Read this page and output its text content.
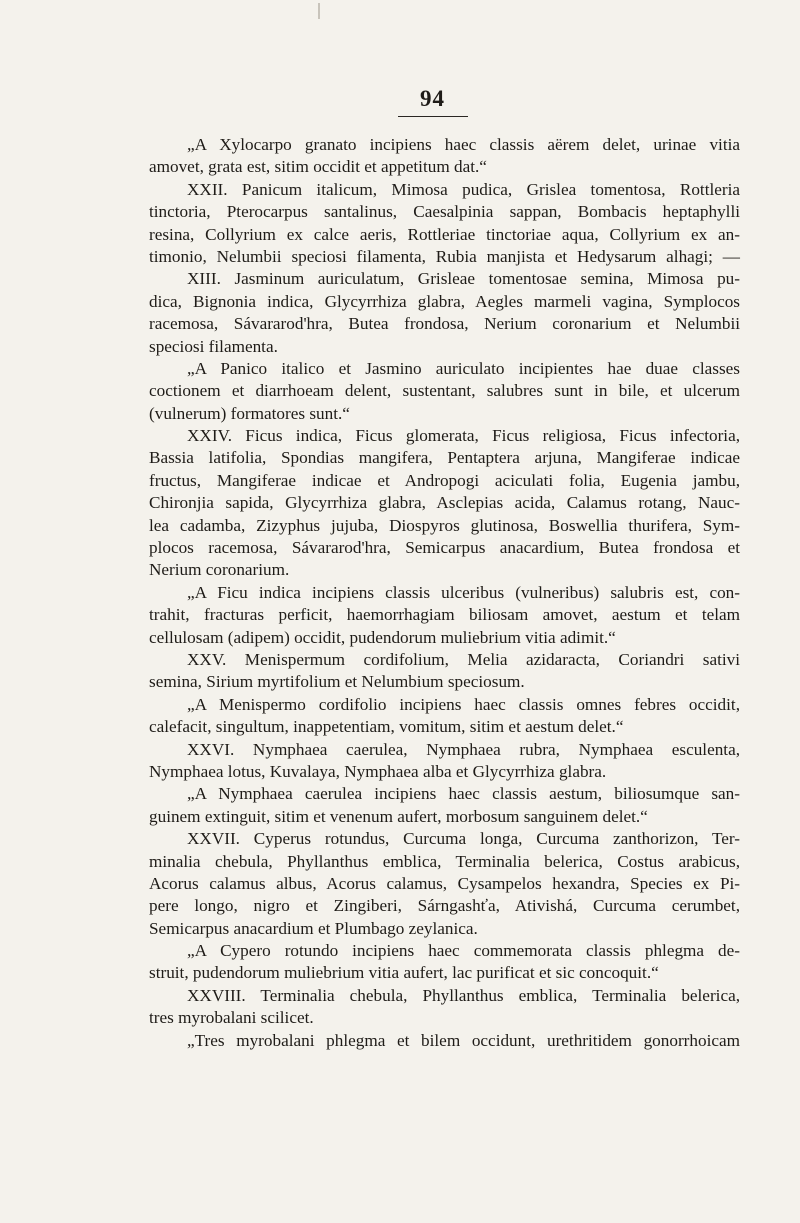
94
„A Xylocarpo granato incipiens haec classis aërem delet, urinae vitia
amovet, grata est, sitim occidit et appetitum dat.“
XXII. Panicum italicum, Mimosa pudica, Grislea tomentosa, Rottleria
tinctoria, Pterocarpus santalinus, Caesalpinia sappan, Bombacis heptaphylli
resina, Collyrium ex calce aeris, Rottleriae tinctoriae aqua, Collyrium ex an-
timonio, Nelumbii speciosi filamenta, Rubia manjista et Hedysarum alhagi; —
XIII. Jasminum auriculatum, Grisleae tomentosae semina, Mimosa pu-
dica, Bignonia indica, Glycyrrhiza glabra, Aegles marmeli vagina, Symplocos
racemosa, Sávararod'hra, Butea frondosa, Nerium coronarium et Nelumbii
speciosi filamenta.
„A Panico italico et Jasmino auriculato incipientes hae duae classes
coctionem et diarrhoeam delent, sustentant, salubres sunt in bile, et ulcerum
(vulnerum) formatores sunt.“
XXIV. Ficus indica, Ficus glomerata, Ficus religiosa, Ficus infectoria,
Bassia latifolia, Spondias mangifera, Pentaptera arjuna, Mangiferae indicae
fructus, Mangiferae indicae et Andropogi aciculati folia, Eugenia jambu,
Chironjia sapida, Glycyrrhiza glabra, Asclepias acida, Calamus rotang, Nauc-
lea cadamba, Zizyphus jujuba, Diospyros glutinosa, Boswellia thurifera, Sym-
plocos racemosa, Sávararod'hra, Semicarpus anacardium, Butea frondosa et
Nerium coronarium.
„A Ficu indica incipiens classis ulceribus (vulneribus) salubris est, con-
trahit, fracturas perficit, haemorrhagiam biliosam amovet, aestum et telam
cellulosam (adipem) occidit, pudendorum muliebrium vitia adimit.“
XXV. Menispermum cordifolium, Melia azidaracta, Coriandri sativi
semina, Sirium myrtifolium et Nelumbium speciosum.
„A Menispermo cordifolio incipiens haec classis omnes febres occidit,
calefacit, singultum, inappetentiam, vomitum, sitim et aestum delet.“
XXVI. Nymphaea caerulea, Nymphaea rubra, Nymphaea esculenta,
Nymphaea lotus, Kuvalaya, Nymphaea alba et Glycyrrhiza glabra.
„A Nymphaea caerulea incipiens haec classis aestum, biliosumque san-
guinem extinguit, sitim et venenum aufert, morbosum sanguinem delet.“
XXVII. Cyperus rotundus, Curcuma longa, Curcuma zanthorizon, Ter-
minalia chebula, Phyllanthus emblica, Terminalia belerica, Costus arabicus,
Acorus calamus albus, Acorus calamus, Cysampelos hexandra, Species ex Pi-
pere longo, nigro et Zingiberi, Sárngashťa, Ativishá, Curcuma cerumbet,
Semicarpus anacardium et Plumbago zeylanica.
„A Cypero rotundo incipiens haec commemorata classis phlegma de-
struit, pudendorum muliebrium vitia aufert, lac purificat et sic concoquit.“
XXVIII. Terminalia chebula, Phyllanthus emblica, Terminalia belerica,
tres myrobalani scilicet.
„Tres myrobalani phlegma et bilem occidunt, urethritidem gonorrhoicam
